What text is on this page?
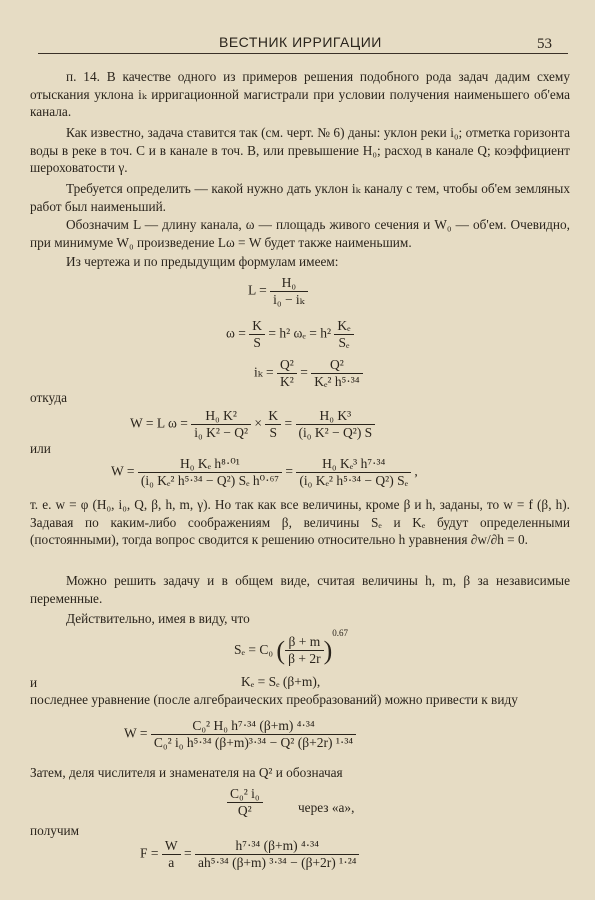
ВЕСТНИК ИРРИГАЦИИ	53

п. 14. В качестве одного из примеров решения подобного рода задач дадим схему отыскания уклона iₖ ирригационной магистрали при условии получения наименьшего об'ема канала.

Как известно, задача ставится так (см. черт. № 6) даны: уклон реки i₀; отметка горизонта воды в реке в точ. С и в канале в точ. В, или превышение H₀; расход в канале Q; коэффициент шероховатости γ.

Требуется определить — какой нужно дать уклон iₖ каналу с тем, чтобы об'ем земляных работ был наименьший.

Обозначим L — длину канала, ω — площадь живого сечения и W₀ — об'ем. Очевидно, при минимуме W₀ произведение Lω = W будет также наименьшим.

Из чертежа и по предыдущим формулам имеем:

$L = \frac{\text{H₀}}{\text{i₀ − iₖ}}$
$\omega = \frac{K}{S} = h^2$ $\omega_e = h^2 \frac{\text{Kₑ}}{\text{Sₑ}}$
$i_k = \frac{\text{Q²}}{\text{K²}} = \frac{\text{Q²}}{\text{Kₑ² h⁵·³⁴}}$
откуда
W = L $\omega = \frac{\text{H₀ K²}}{\text{i₀ K² − Q²}} \times \frac{K}{S} = \frac{\text{H₀ K³}}{\text{(i₀ K² − Q²) S}}$
или
$W = \frac{\text{H₀ Kₑ h⁸·⁰¹}}{\text{(i₀ Kₑ² h⁵·³⁴ − Q²) Sₑ h⁰·⁶⁷}} = \frac{\text{H₀ Kₑ³ h⁷·³⁴}}{\text{(i₀ Kₑ² h⁵·³⁴ − Q²) Sₑ}}$ ,

т. е. w = φ (H₀, i₀, Q, β, h, m, γ). Но так как все величины, кроме β и h, заданы, то w = f (β, h). Задавая по каким-либо соображениям β, величины Sₑ и Kₑ будут определенными (постоянными), тогда вопрос сводится к решению относительно h уравнения ∂w/∂h = 0.

Можно решить задачу и в общем виде, считая величины h, m, β за независимые переменные.

Действительно, имея в виду, что

Sₑ = C₀ ( $\frac{\beta + m}{\beta + 2r} )^{0.67}$
и	Kₑ = Sₑ (β+m),

последнее уравнение (после алгебраических преобразований) можно привести к виду

$W = \frac{\text{C₀² H₀ h⁷·³⁴ (β+m) ⁴·³⁴}}{\text{C₀² i₀ h⁵·³⁴ (β+m)³·³⁴ − Q² (β+2r) ¹·³⁴}}$

Затем, деля числителя и знаменателя на Q² и обозначая

$\frac{\text{C₀² i₀}}{\text{Q²}}$	через «а»,
получим
$F = \frac{W}{a} = \frac{\text{h⁷·³⁴ (β+m) ⁴·³⁴}}{\text{ah⁵·³⁴ (β+m) ³·³⁴ − (β+2r) ¹·²⁴}}$
